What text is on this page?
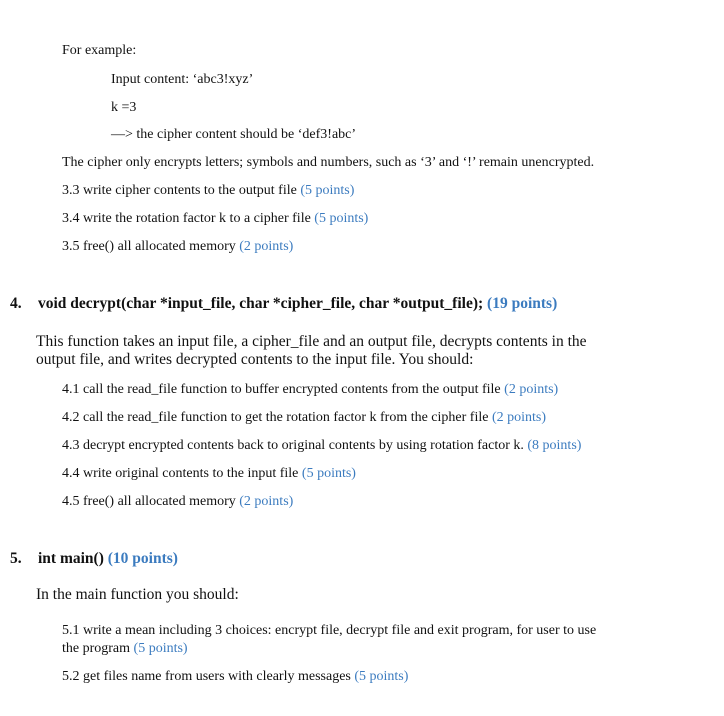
For example:
Input content: ‘abc3!xyz’
k =3
—> the cipher content should be ‘def3!abc’
The cipher only encrypts letters; symbols and numbers, such as ‘3’ and ‘!’ remain unencrypted.
3.3 write cipher contents to the output file (5 points)
3.4 write the rotation factor k to a cipher file (5 points)
3.5 free() all allocated memory (2 points)
4. void decrypt(char *input_file, char *cipher_file, char *output_file); (19 points)
This function takes an input file, a cipher_file and an output file, decrypts contents in the
output file, and writes decrypted contents to the input file. You should:
4.1 call the read_file function to buffer encrypted contents from the output file (2 points)
4.2 call the read_file function to get the rotation factor k from the cipher file (2 points)
4.3 decrypt encrypted contents back to original contents by using rotation factor k. (8 points)
4.4 write original contents to the input file (5 points)
4.5 free() all allocated memory (2 points)
5. int main() (10 points)
In the main function you should:
5.1 write a mean including 3 choices: encrypt file, decrypt file and exit program, for user to use
the program (5 points)
5.2 get files name from users with clearly messages (5 points)
